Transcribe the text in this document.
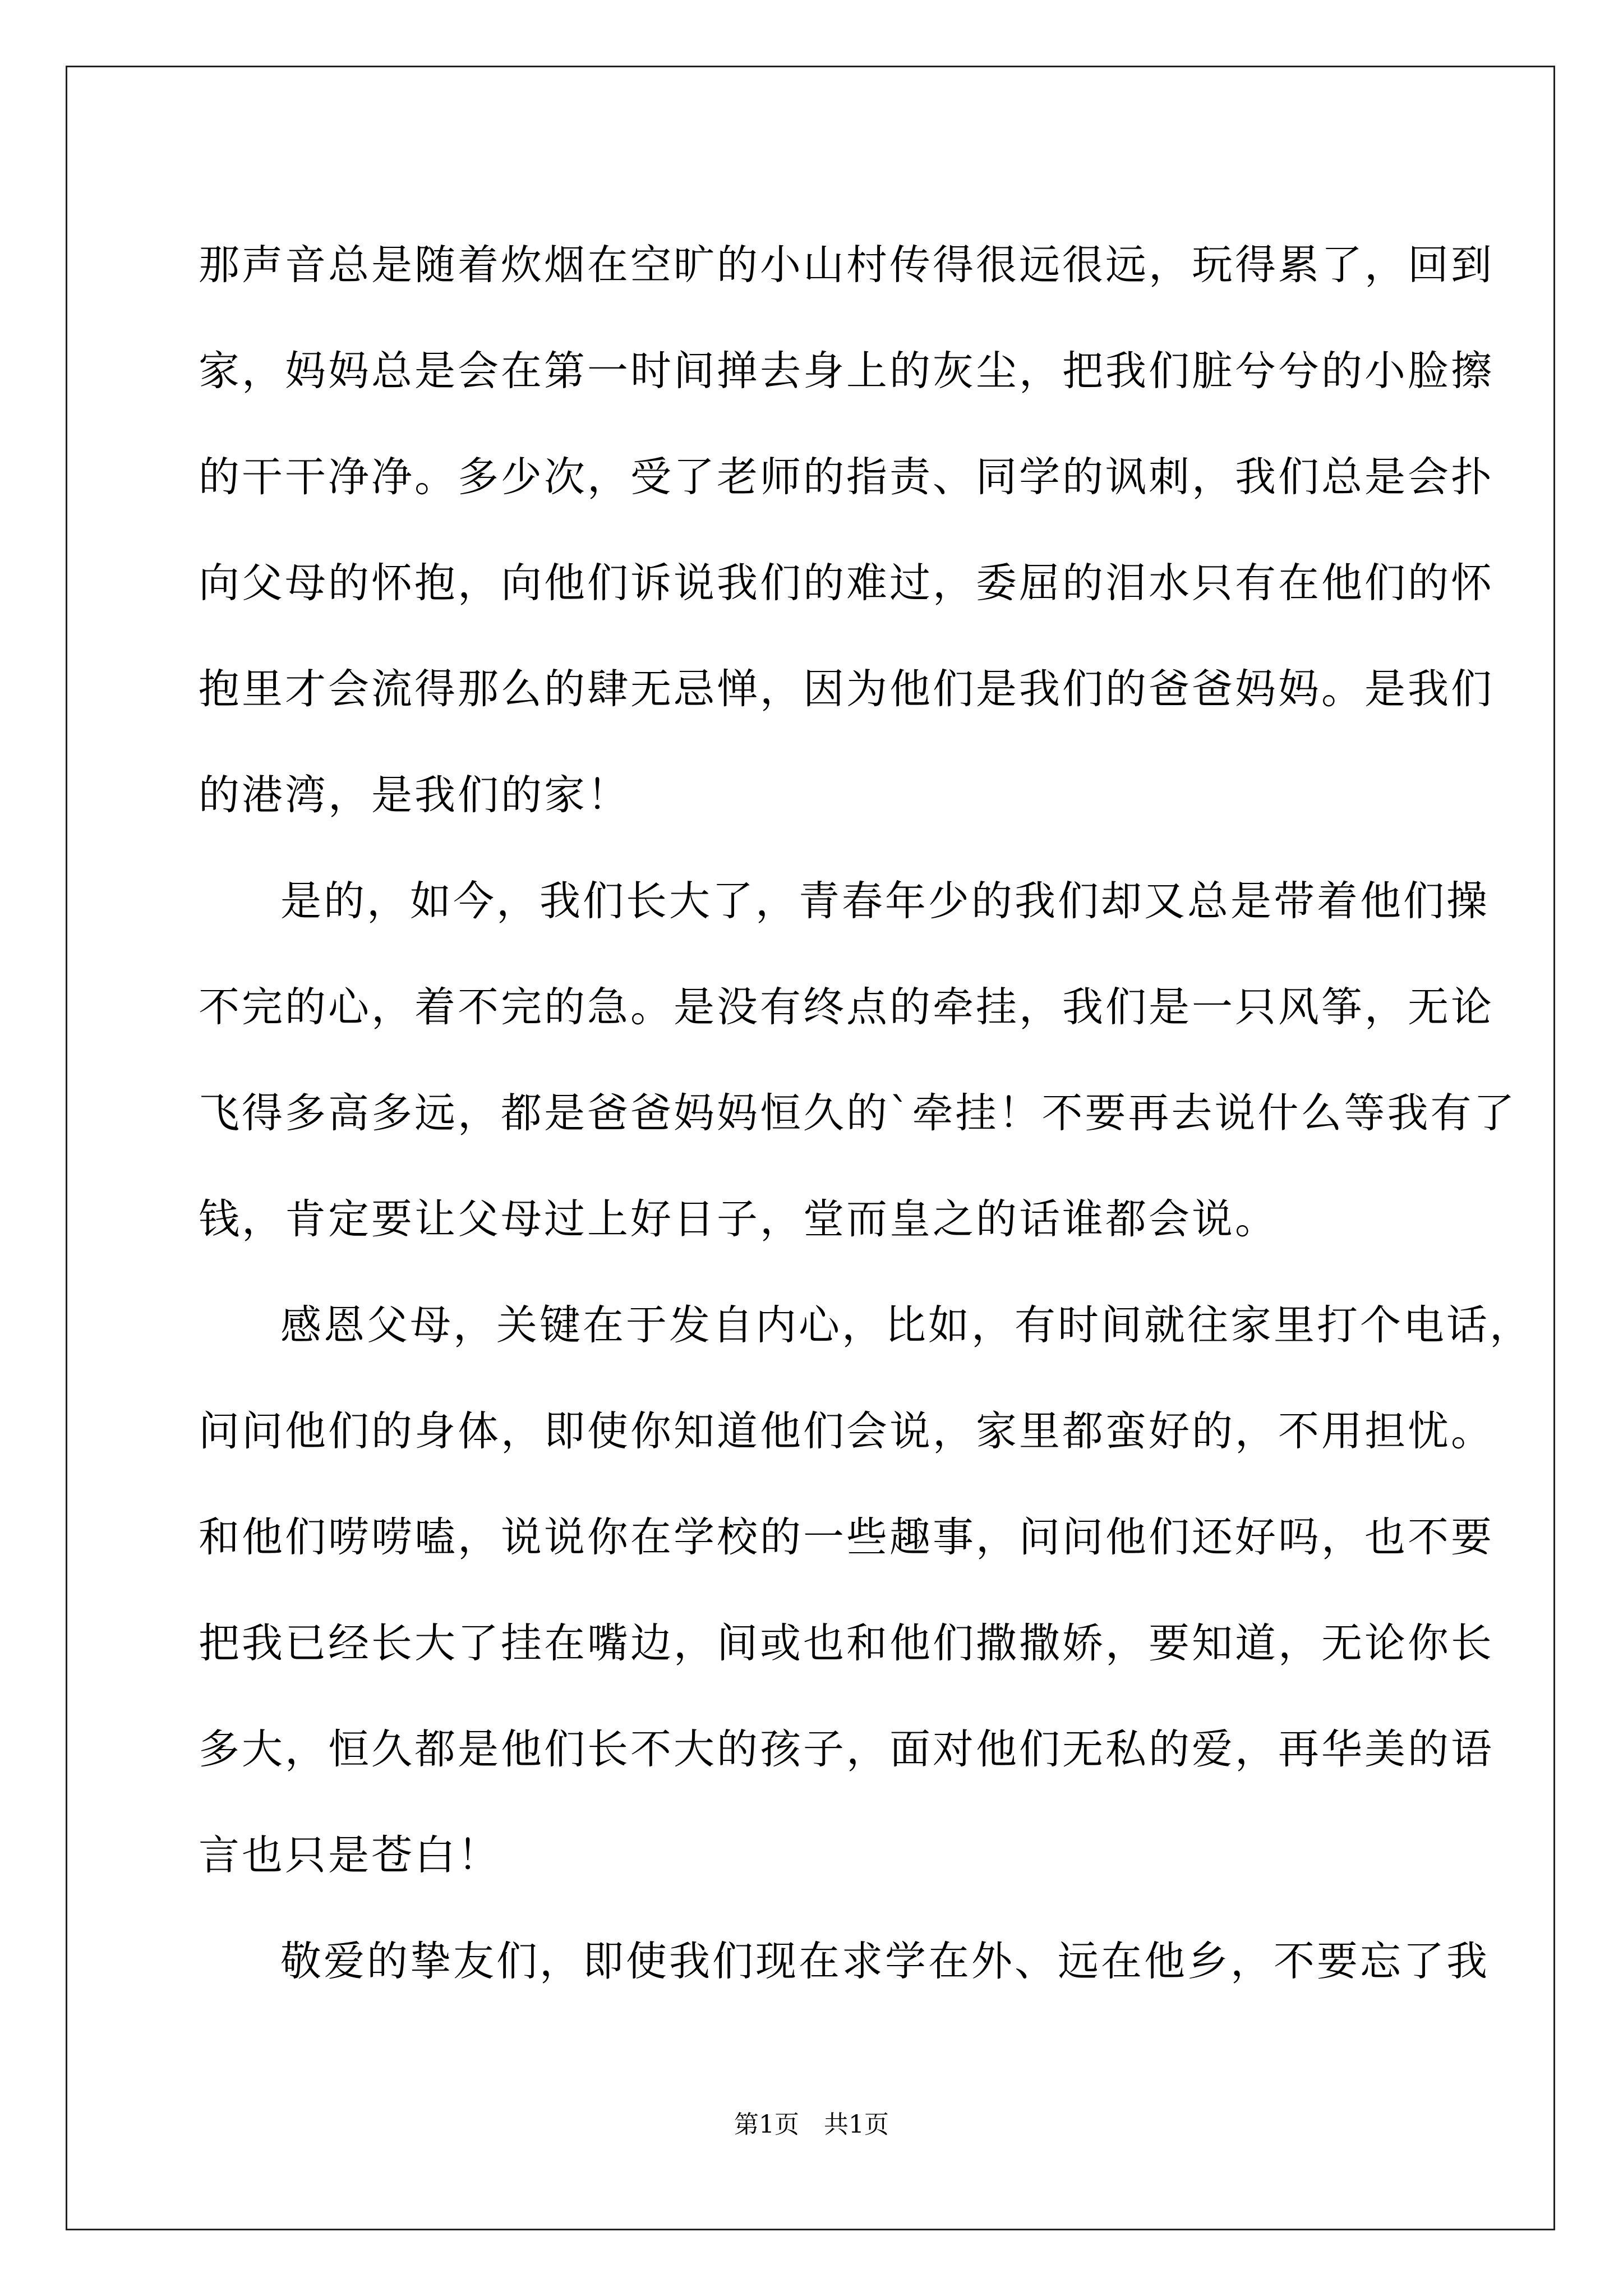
那声音总是随着炊烟在空旷的小山村传得很远很远，玩得累了，回到
家，妈妈总是会在第一时间掸去身上的灰尘，把我们脏兮兮的小脸擦
的干干净净。多少次，受了老师的指责、同学的讽刺，我们总是会扑
向父母的怀抱，向他们诉说我们的难过，委屈的泪水只有在他们的怀
抱里才会流得那么的肆无忌惮，因为他们是我们的爸爸妈妈。是我们
的港湾，是我们的家！
是的，如今，我们长大了，青春年少的我们却又总是带着他们操
不完的心，着不完的急。是没有终点的牵挂，我们是一只风筝，无论
飞得多高多远，都是爸爸妈妈恒久的`牵挂！不要再去说什么等我有了
钱，肯定要让父母过上好日子，堂而皇之的话谁都会说。
感恩父母，关键在于发自内心，比如，有时间就往家里打个电话，
问问他们的身体，即使你知道他们会说，家里都蛮好的，不用担忧。
和他们唠唠嗑，说说你在学校的一些趣事，问问他们还好吗，也不要
把我已经长大了挂在嘴边，间或也和他们撒撒娇，要知道，无论你长
多大，恒久都是他们长不大的孩子，面对他们无私的爱，再华美的语
言也只是苍白！
敬爱的挚友们，即使我们现在求学在外、远在他乡，不要忘了我
第1页 共1页
